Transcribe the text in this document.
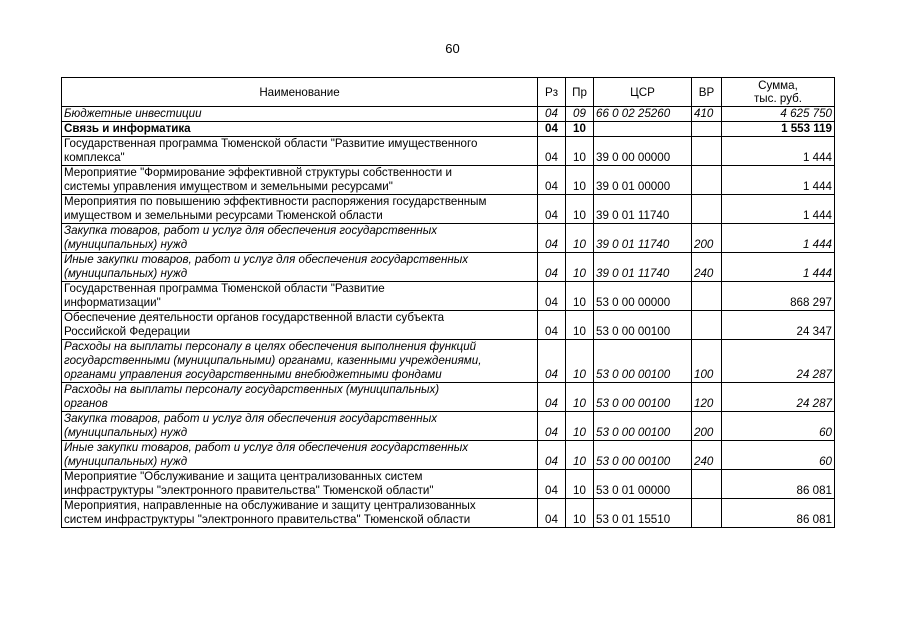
60
Наименование	Рз	Пр	ЦСР	ВР	Сумма,
тыс. руб.
Бюджетные инвестиции	04	09	66 0 02 25260	410	4 625 750
Связь и информатика	04	10			1 553 119
Государственная программа Тюменской области "Развитие имущественного
комплекса"	04	10	39 0 00 00000		1 444
Мероприятие "Формирование эффективной структуры собственности и
системы управления имуществом и земельными ресурсами"	04	10	39 0 01 00000		1 444
Мероприятия по повышению эффективности распоряжения государственным
имуществом и земельными ресурсами Тюменской области	04	10	39 0 01 11740		1 444
Закупка товаров, работ и услуг для обеспечения государственных
(муниципальных) нужд	04	10	39 0 01 11740	200	1 444
Иные закупки товаров, работ и услуг для обеспечения государственных
(муниципальных) нужд	04	10	39 0 01 11740	240	1 444
Государственная программа Тюменской области "Развитие
информатизации"	04	10	53 0 00 00000		868 297
Обеспечение деятельности органов государственной власти субъекта
Российской Федерации	04	10	53 0 00 00100		24 347
Расходы на выплаты персоналу в целях обеспечения выполнения функций
государственными (муниципальными) органами, казенными учреждениями,
органами управления государственными внебюджетными фондами	04	10	53 0 00 00100	100	24 287
Расходы на выплаты персоналу государственных (муниципальных)
органов	04	10	53 0 00 00100	120	24 287
Закупка товаров, работ и услуг для обеспечения государственных
(муниципальных) нужд	04	10	53 0 00 00100	200	60
Иные закупки товаров, работ и услуг для обеспечения государственных
(муниципальных) нужд	04	10	53 0 00 00100	240	60
Мероприятие "Обслуживание и защита централизованных систем
инфраструктуры "электронного правительства" Тюменской области"	04	10	53 0 01 00000		86 081
Мероприятия, направленные на обслуживание и защиту централизованных
систем инфраструктуры "электронного правительства" Тюменской области	04	10	53 0 01 15510		86 081
